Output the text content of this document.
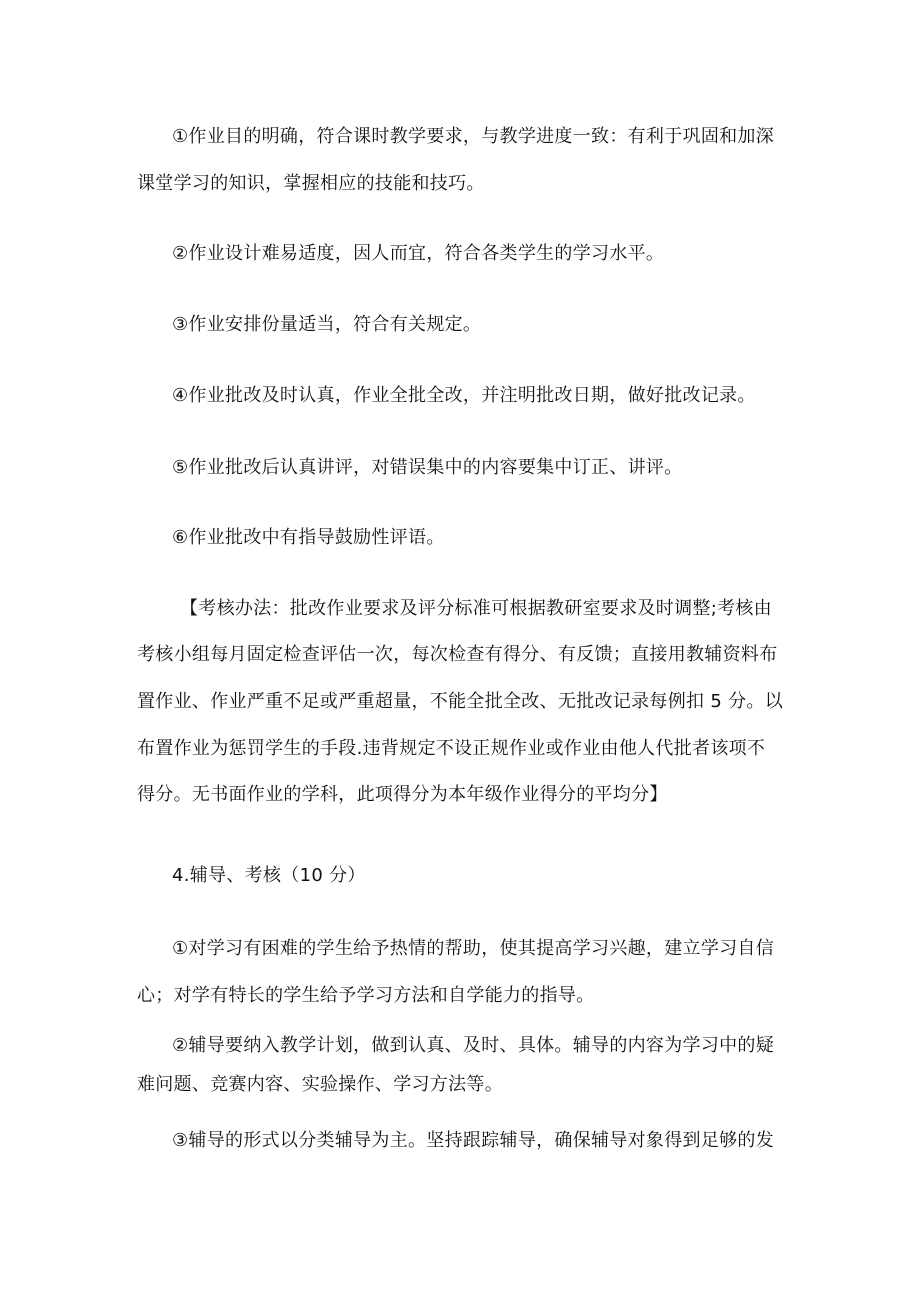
①作业目的明确，符合课时教学要求，与教学进度一致：有利于巩固和加深

课堂学习的知识，掌握相应的技能和技巧。

②作业设计难易适度，因人而宜，符合各类学生的学习水平。

③作业安排份量适当，符合有关规定。

④作业批改及时认真，作业全批全改，并注明批改日期，做好批改记录。

⑤作业批改后认真讲评，对错误集中的内容要集中订正、讲评。

⑥作业批改中有指导鼓励性评语。

【考核办法：批改作业要求及评分标准可根据教研室要求及时调整;考核由

考核小组每月固定检查评估一次，每次检查有得分、有反馈；直接用教辅资料布

置作业、作业严重不足或严重超量，不能全批全改、无批改记录每例扣 5 分。以

布置作业为惩罚学生的手段.违背规定不设正规作业或作业由他人代批者该项不

得分。无书面作业的学科，此项得分为本年级作业得分的平均分】

4.辅导、考核（10 分）

①对学习有困难的学生给予热情的帮助，使其提高学习兴趣，建立学习自信

心；对学有特长的学生给予学习方法和自学能力的指导。

②辅导要纳入教学计划，做到认真、及时、具体。辅导的内容为学习中的疑

难问题、竞赛内容、实验操作、学习方法等。

③辅导的形式以分类辅导为主。坚持跟踪辅导，确保辅导对象得到足够的发
